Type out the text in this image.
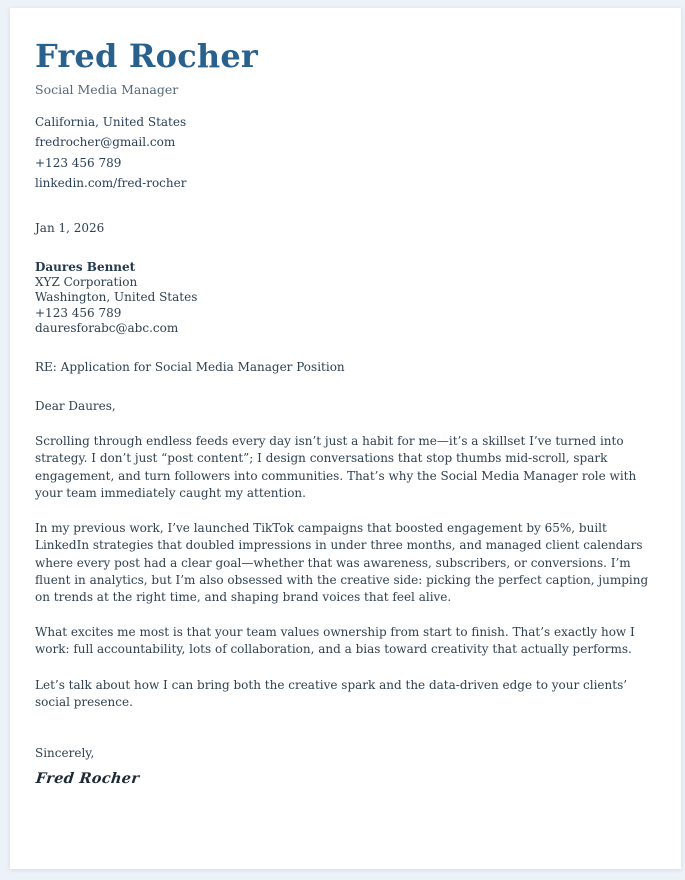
Fred Rocher
Social Media Manager
California, United States
fredrocher@gmail.com
+123 456 789
linkedin.com/fred-rocher
Jan 1, 2026
Daures Bennet
XYZ Corporation
Washington, United States
+123 456 789
dauresforabc@abc.com
RE: Application for Social Media Manager Position
Dear Daures,

Scrolling through endless feeds every day isn’t just a habit for me—it’s a skillset I’ve turned into strategy. I don’t just “post content”; I design conversations that stop thumbs mid-scroll, spark engagement, and turn followers into communities. That’s why the Social Media Manager role with your team immediately caught my attention.

In my previous work, I’ve launched TikTok campaigns that boosted engagement by 65%, built LinkedIn strategies that doubled impressions in under three months, and managed client calendars where every post had a clear goal—whether that was awareness, subscribers, or conversions. I’m fluent in analytics, but I’m also obsessed with the creative side: picking the perfect caption, jumping on trends at the right time, and shaping brand voices that feel alive.

What excites me most is that your team values ownership from start to finish. That’s exactly how I work: full accountability, lots of collaboration, and a bias toward creativity that actually performs.

Let’s talk about how I can bring both the creative spark and the data-driven edge to your clients’ social presence.

Sincerely,
Fred Rocher
